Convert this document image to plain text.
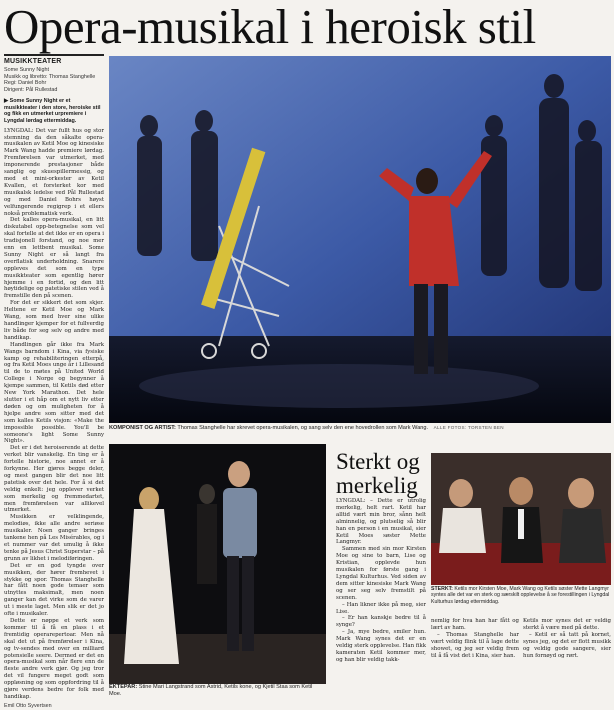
Opera-musikal i heroisk stil
MUSIKKTEATER
Some Sunny Night
Musikk og libretto: Thomas Stanghelle
Regi: Daniel Bohr
Dirigent: Pål Rullestad
▶ Some Sunny Night er et musikkteater i den store, heroiske stil og fikk en utmerket urpremiere i Lyngdal lørdag ettermiddag.

LYNGDAL: Det var fullt hus og stor stemning da den såkalte opera-musikalen av Ketil Moe og kinesiske Mark Wang hadde premiere lørdag. Fremførelsen var utmerket, med imponerende prestasjoner både sanglig og skuespillermessig, og med et mini-orkester av Ketil Kvallen, et forsterket kor med musikalsk ledelse ved Pål Rullestad og med Daniel Bohrs høyst velfungerende regigrep i et ellers nokså problematisk verk.

Det kalles opera-musikal, en litt diskutabel opp-betegnelse som vel skal fortelle at det ikke er en opera i tradisjonell forstand, og noe mer enn en lettbent musikal. Some Sunny Night er så langt fra overflatisk underholdning. Snarere oppleves det som en type musikkteater som egentlig hører hjemme i en fortid, og den litt høytidelige og patetiske stilen ved å fremstille den på scenen.

For det er sikkert det som skjer. Heltene er Ketil Moe og Mark Wang, som med hver sine ulike handlinger kjemper for et fullverdig liv både for seg selv og andre med handikap.

Handlingen går ikke fra Mark Wangs barndom i Kina, via fysiske kamp og rehabiliteringen etterpå, og fra Ketil Moes unge år i Lillesand til de to møtes på United World College i Norge og begynner å kjempe sammen, til Ketils død etter New York Marathon. Det hele slutter i et håp om et nytt liv etter døden og om muligheten for å hjelpe andre som sitter med det som kalles Ketils visjon: «Make the impossible possible. You'll be someone's light Some Sunny Night».

Det er i det heroiserende at dette verket blir vanskelig. En ting er å fortelle historie, noe annet er å forkynne. Her gjøres begge deler, og mest gangen blir det noe litt patetisk over det hele. For å si det veldig enkelt: jeg opplever verket som merkelig og fremmedartet, men fremførelsen var allikevel utmerket.

Musikken er velklingende, melodiøs, ikke alle andre seriøse musikaler. Noen ganger bringes tankene hen på Les Misérables, og i et nummer var det umulig å ikke tenke på Jesus Christ Superstar – på grunn av likhet i melodiføringen.

Det er en god tyngde over musikken, der hører fremhevet i stykke og spor. Thomas Stanghelle har fått noen gode temaer som utnyttes maksimalt, men noen ganger kan det virke som de varer ut i meste laget. Men slik er det jo ofte i musikaler.

Dette er nøppe et verk som kommer til å få en plass i et fremtidig operarepertoar. Men nå skal det ut på fremførelser i Kina, og tv-sendes med over en milliard potensielle seere. Dermed er det en opera-musikal som når flere enn de fleste andre verk gjør. Og jeg tror det vil fungere meget godt som oppløsning og som oppfordring til å gjøre verdens bedre for folk med handikap.

Emil Otto Syvertsen
KOMPONIST OG ARTIST: Thomas Stanghelle har skrevet opera-musikalen, og sang selv den ene hovedrollen som Mark Wang. ALLE FOTOS: TORSTEN BEN
EKTEPAR: Stine Mari Langstrand som Astrid, Ketils kone, og Kjetil Staa som Ketil Moe.
Sterkt og merkelig
STERKT: Ketils mor Kirsten Moe, Mark Wang og Ketils søster Mette Langmyr syntes alle det var en sterk og særskilt opplevelse å se forestillingen i Lyngdal Kulturhus lørdag ettermiddag.

LYNGDAL: – Dette er utrolig merkelig, helt rart. Ketil har alltid vært min bror, sånn helt alminnelig, og plutselig så blir han en person i en musikal, sier Ketil Moes søster Mette Langmyr.

Sammen med sin mor Kirsten Moe og sine to barn, Lise og Kristian, opplevde hun musikalen for første gang i Lyngdal Kulturhus. Ved siden av dem sitter kinesiske Mark Wang og ser seg selv fremstilt på scenen.

– Han likner ikke på meg, sier Lise.

– Er han kanskje bedre til å synge?

– Ja, mye bedre, smiler hun. Mark Wang synes det er en veldig sterk opplevelse. Han fikk kameraten Ketil kommer mer, og han blir veldig takk-

nemlig for hva han har fått og lært av ham.

– Thomas Stanghelle har vært veldig flink til å lage dette showet, og jeg ser veldig frem til å få vist det i Kina, sier han.

Ketils mor synes det er veldig sterkt å være med på dette.

– Ketil er så tatt på kornet, synes jeg, og det er flott musikk og veldig gode sangere, sier hun fornøyd og rørt.
